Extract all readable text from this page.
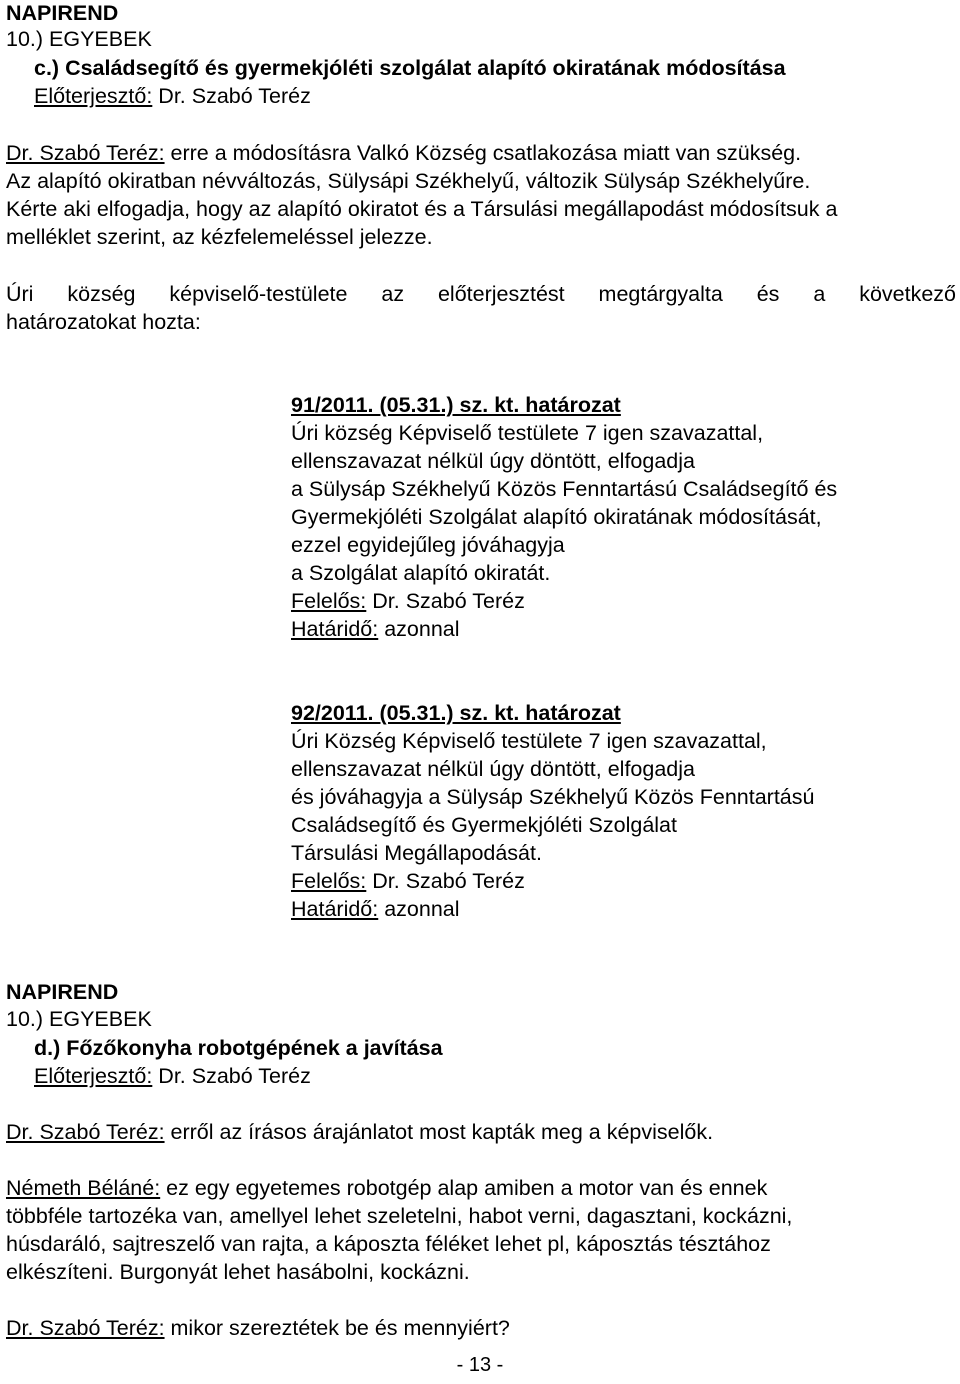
NAPIREND
10.) EGYEBEK
c.) Családsegítő és gyermekjóléti szolgálat alapító okiratának módosítása
Előterjesztő: Dr. Szabó Teréz
Dr. Szabó Teréz: erre a módosításra Valkó Község csatlakozása miatt van szükség.
Az alapító okiratban névváltozás, Sülysápi Székhelyű, változik Sülysáp Székhelyűre.
Kérte aki elfogadja, hogy az alapító okiratot és a Társulási megállapodást módosítsuk a
melléklet szerint, az kézfelemeléssel jelezze.
Úri község képviselő-testülete az előterjesztést megtárgyalta és a következő
határozatokat hozta:
91/2011. (05.31.) sz. kt. határozat
Úri község Képviselő testülete 7 igen szavazattal,
ellenszavazat nélkül úgy döntött, elfogadja
a Sülysáp Székhelyű Közös Fenntartású Családsegítő és
Gyermekjóléti Szolgálat alapító okiratának módosítását,
ezzel egyidejűleg jóváhagyja
a Szolgálat alapító okiratát.
Felelős: Dr. Szabó Teréz
Határidő: azonnal
92/2011. (05.31.) sz. kt. határozat
Úri Község Képviselő testülete 7 igen szavazattal,
ellenszavazat nélkül úgy döntött, elfogadja
és jóváhagyja a Sülysáp Székhelyű Közös Fenntartású
Családsegítő és Gyermekjóléti Szolgálat
Társulási Megállapodását.
Felelős: Dr. Szabó Teréz
Határidő: azonnal
NAPIREND
10.) EGYEBEK
d.) Főzőkonyha robotgépének a javítása
Előterjesztő: Dr. Szabó Teréz
Dr. Szabó Teréz: erről az írásos árajánlatot most kapták meg a képviselők.
Németh Béláné: ez egy egyetemes robotgép alap amiben a motor van és ennek
többféle tartozéka van, amellyel lehet szeletelni, habot verni, dagasztani, kockázni,
húsdaráló, sajtreszelő van rajta, a káposzta féléket lehet pl, káposztás tésztához
elkészíteni. Burgonyát lehet hasábolni, kockázni.
Dr. Szabó Teréz: mikor szereztétek be és mennyiért?
- 13 -
